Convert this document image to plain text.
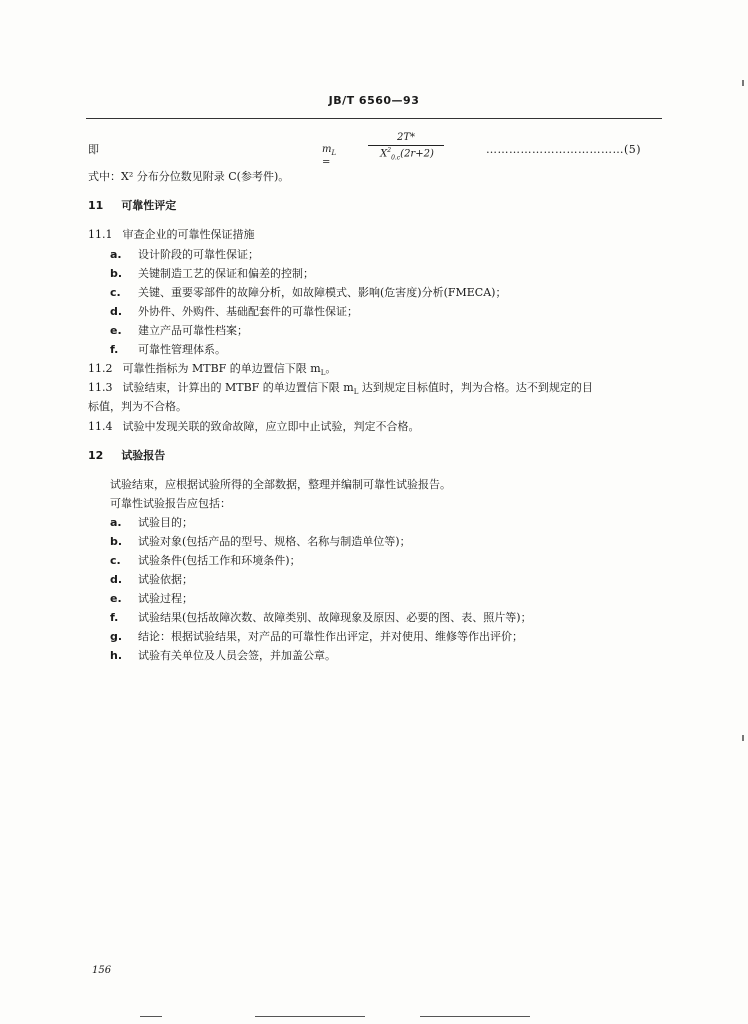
JB/T 6560—93
即	$m_L$ =
2T*
$X^2_{0.c}(2r+2)$	………………………………(5)
式中：X² 分布分位数见附录 C(参考件)。
11 可靠性评定
11.1 审查企业的可靠性保证措施
a. 设计阶段的可靠性保证；
b. 关键制造工艺的保证和偏差的控制；
c. 关键、重要零部件的故障分析，如故障模式、影响(危害度)分析(FMECA)；
d. 外协件、外购件、基础配套件的可靠性保证；
e. 建立产品可靠性档案；
f. 可靠性管理体系。
11.2 可靠性指标为 MTBF 的单边置信下限 $m_L$。
11.3 试验结束，计算出的 MTBF 的单边置信下限 $m_L$ 达到规定目标值时，判为合格。达不到规定的目
标值，判为不合格。
11.4 试验中发现关联的致命故障，应立即中止试验，判定不合格。
12 试验报告
试验结束，应根据试验所得的全部数据，整理并编制可靠性试验报告。
可靠性试验报告应包括：
a. 试验目的；
b. 试验对象(包括产品的型号、规格、名称与制造单位等)；
c. 试验条件(包括工作和环境条件)；
d. 试验依据；
e. 试验过程；
f. 试验结果(包括故障次数、故障类别、故障现象及原因、必要的图、表、照片等)；
g. 结论：根据试验结果，对产品的可靠性作出评定，并对使用、维修等作出评价；
h. 试验有关单位及人员会签，并加盖公章。
156
